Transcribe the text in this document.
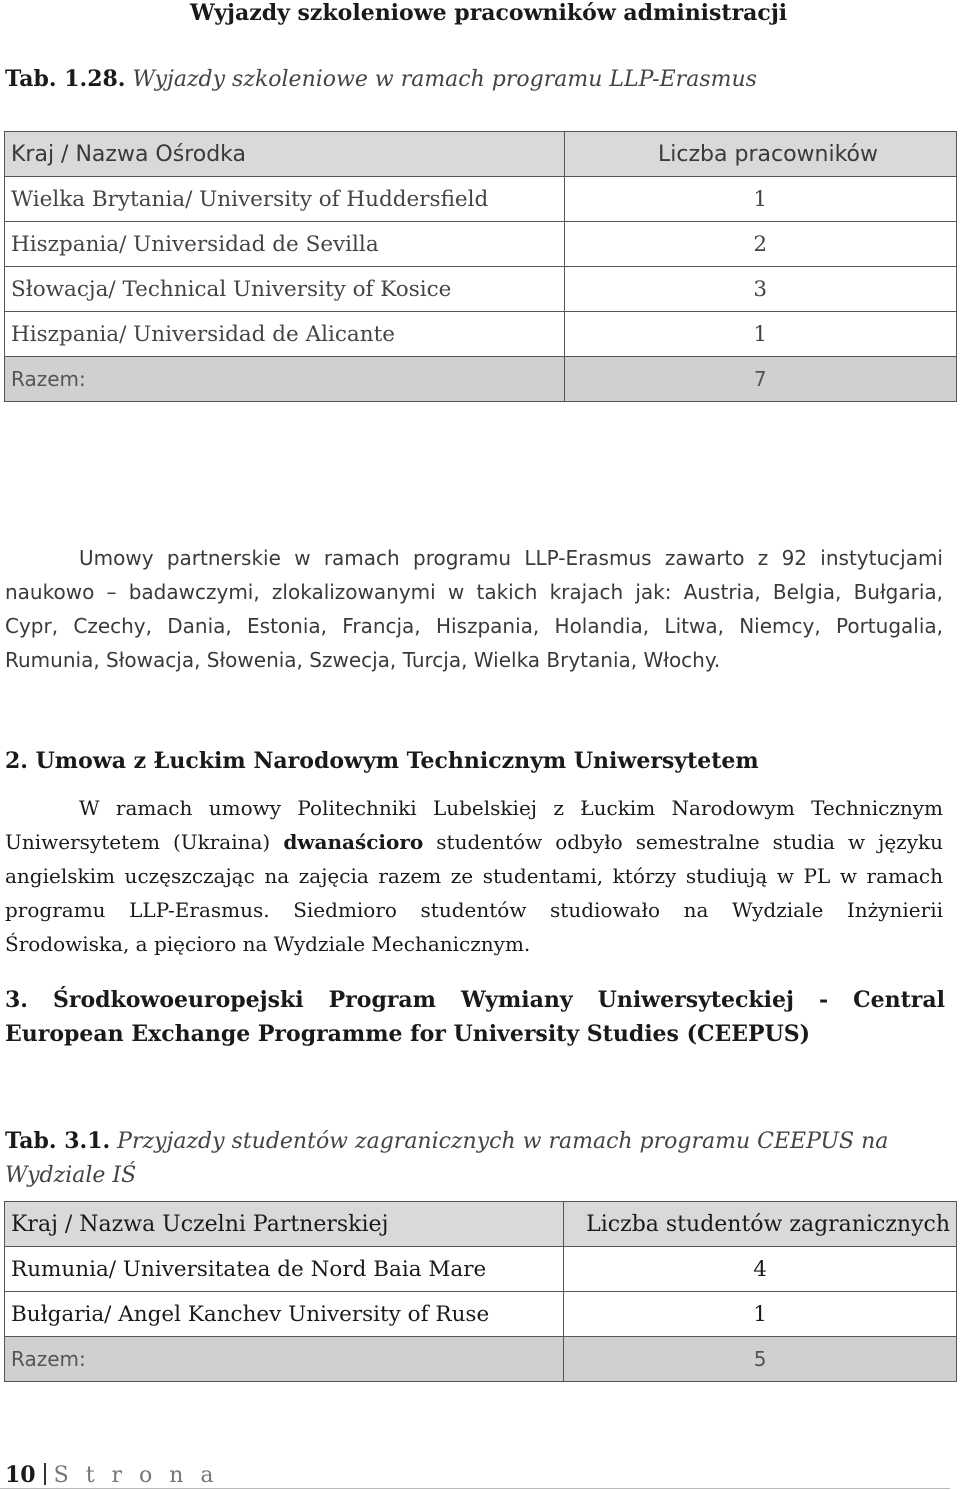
Wyjazdy szkoleniowe pracowników administracji
Tab. 1.28. Wyjazdy szkoleniowe w ramach programu LLP-Erasmus
Kraj / Nazwa Ośrodka	Liczba pracowników
Wielka Brytania/ University of Huddersfield	1
Hiszpania/ Universidad de Sevilla	2
Słowacja/ Technical University of Kosice	3
Hiszpania/ Universidad de Alicante	1
Razem:	7
Umowy partnerskie w ramach programu LLP-Erasmus zawarto z 92 instytucjami naukowo – badawczymi, zlokalizowanymi w takich krajach jak: Austria, Belgia, Bułgaria, Cypr, Czechy, Dania, Estonia, Francja, Hiszpania, Holandia, Litwa, Niemcy, Portugalia, Rumunia, Słowacja, Słowenia, Szwecja, Turcja, Wielka Brytania, Włochy.
2. Umowa z Łuckim Narodowym Technicznym Uniwersytetem
W ramach umowy Politechniki Lubelskiej z Łuckim Narodowym Technicznym Uniwersytetem (Ukraina) dwanaścioro studentów odbyło semestralne studia w języku angielskim uczęszczając na zajęcia razem ze studentami, którzy studiują w PL w ramach programu LLP-Erasmus. Siedmioro studentów studiowało na Wydziale Inżynierii Środowiska, a pięcioro na Wydziale Mechanicznym.
3. Środkowoeuropejski Program Wymiany Uniwersyteckiej - Central European Exchange Programme for University Studies (CEEPUS)
Tab. 3.1. Przyjazdy studentów zagranicznych w ramach programu CEEPUS na Wydziale IŚ
Kraj / Nazwa Uczelni Partnerskiej	Liczba studentów zagranicznych
Rumunia/ Universitatea de Nord Baia Mare	4
Bułgaria/ Angel Kanchev University of Ruse	1
Razem:	5
10 S t r o n a
